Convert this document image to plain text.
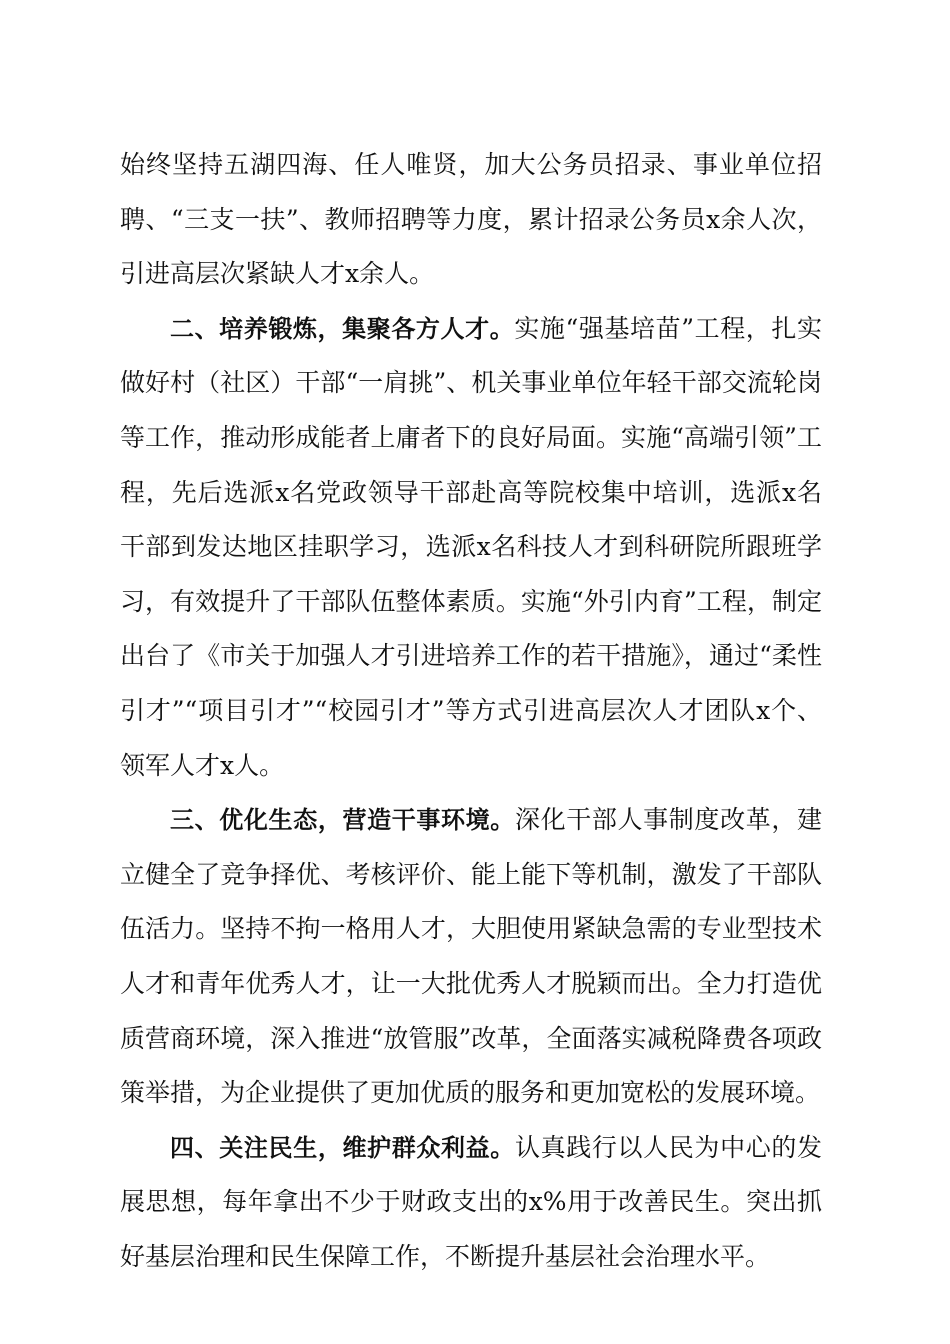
始终坚持五湖四海、任人唯贤，加大公务员招录、事业单位招聘、“三支一扶”、教师招聘等力度，累计招录公务员x余人次，引进高层次紧缺人才x余人。

二、培养锻炼，集聚各方人才。实施“强基培苗”工程，扎实做好村（社区）干部“一肩挑”、机关事业单位年轻干部交流轮岗等工作，推动形成能者上庸者下的良好局面。实施“高端引领”工程，先后选派x名党政领导干部赴高等院校集中培训，选派x名干部到发达地区挂职学习，选派x名科技人才到科研院所跟班学习，有效提升了干部队伍整体素质。实施“外引内育”工程，制定出台了《市关于加强人才引进培养工作的若干措施》，通过“柔性引才”“项目引才”“校园引才”等方式引进高层次人才团队x个、领军人才x人。

三、优化生态，营造干事环境。深化干部人事制度改革，建立健全了竞争择优、考核评价、能上能下等机制，激发了干部队伍活力。坚持不拘一格用人才，大胆使用紧缺急需的专业型技术人才和青年优秀人才，让一大批优秀人才脱颖而出。全力打造优质营商环境，深入推进“放管服”改革，全面落实减税降费各项政策举措，为企业提供了更加优质的服务和更加宽松的发展环境。

四、关注民生，维护群众利益。认真践行以人民为中心的发展思想，每年拿出不少于财政支出的x%用于改善民生。突出抓好基层治理和民生保障工作，不断提升基层社会治理水平。
